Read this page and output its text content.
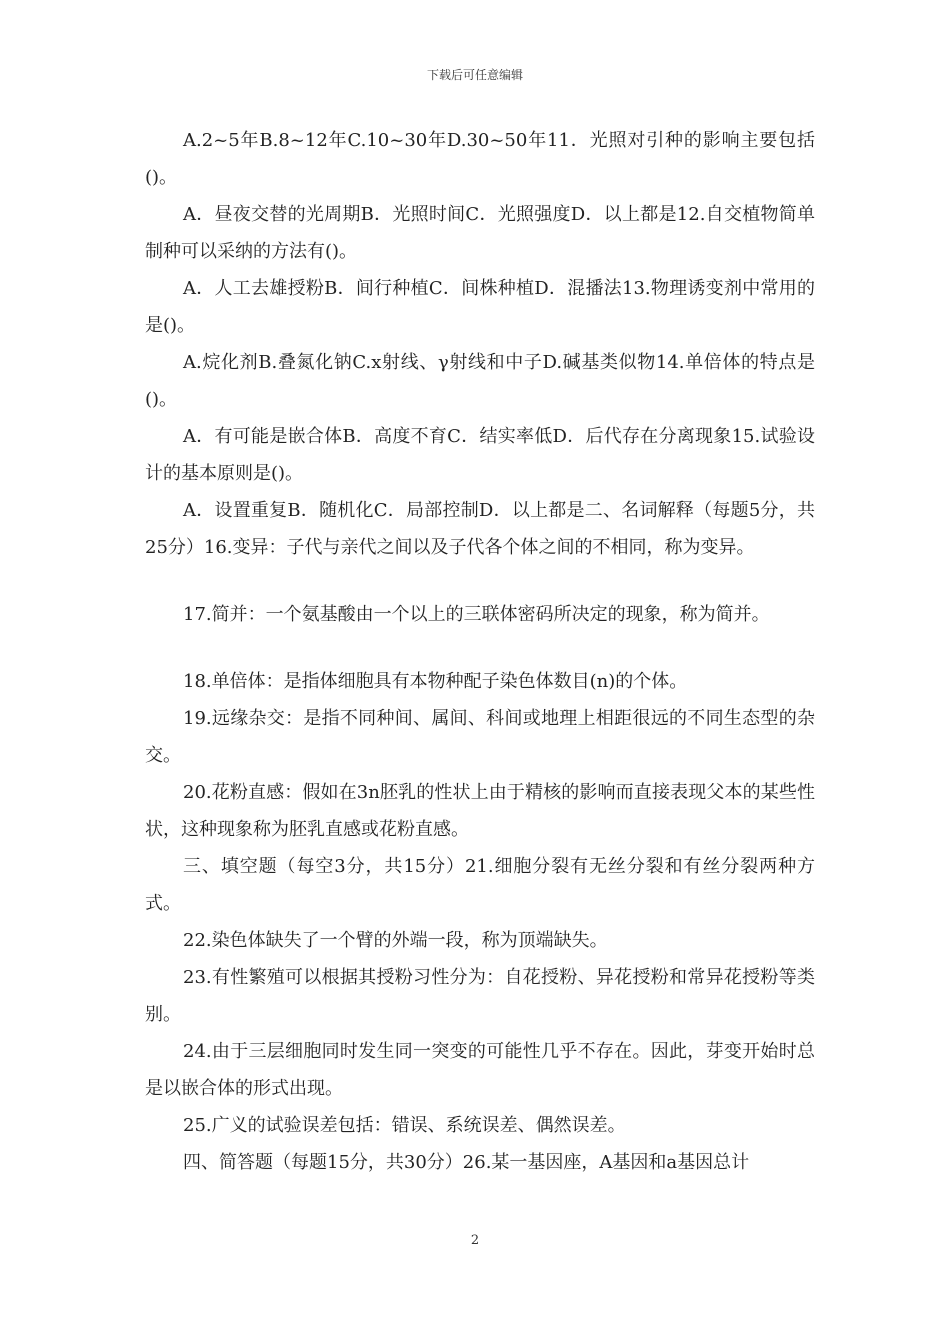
下载后可任意编辑

A.2~5年B.8~12年C.10~30年D.30~50年11．光照对引种的影响主要包括()。

A．昼夜交替的光周期B．光照时间C．光照强度D．以上都是12.自交植物简单制种可以采纳的方法有()。

A．人工去雄授粉B．间行种植C．间株种植D．混播法13.物理诱变剂中常用的是()。

A.烷化剂B.叠氮化钠C.x射线、γ射线和中子D.碱基类似物14.单倍体的特点是()。

A．有可能是嵌合体B．高度不育C．结实率低D．后代存在分离现象15.试验设计的基本原则是()。

A．设置重复B．随机化C．局部控制D．以上都是二、名词解释（每题5分，共25分）16.变异：子代与亲代之间以及子代各个体之间的不相同，称为变异。

17.简并：一个氨基酸由一个以上的三联体密码所决定的现象，称为简并。

18.单倍体：是指体细胞具有本物种配子染色体数目(n)的个体。

19.远缘杂交：是指不同种间、属间、科间或地理上相距很远的不同生态型的杂交。

20.花粉直感：假如在3n胚乳的性状上由于精核的影响而直接表现父本的某些性状，这种现象称为胚乳直感或花粉直感。

三、填空题（每空3分，共15分）21.细胞分裂有无丝分裂和有丝分裂两种方式。

22.染色体缺失了一个臂的外端一段，称为顶端缺失。

23.有性繁殖可以根据其授粉习性分为：自花授粉、异花授粉和常异花授粉等类别。

24.由于三层细胞同时发生同一突变的可能性几乎不存在。因此，芽变开始时总是以嵌合体的形式出现。

25.广义的试验误差包括：错误、系统误差、偶然误差。

四、简答题（每题15分，共30分）26.某一基因座，A基因和a基因总计

2
